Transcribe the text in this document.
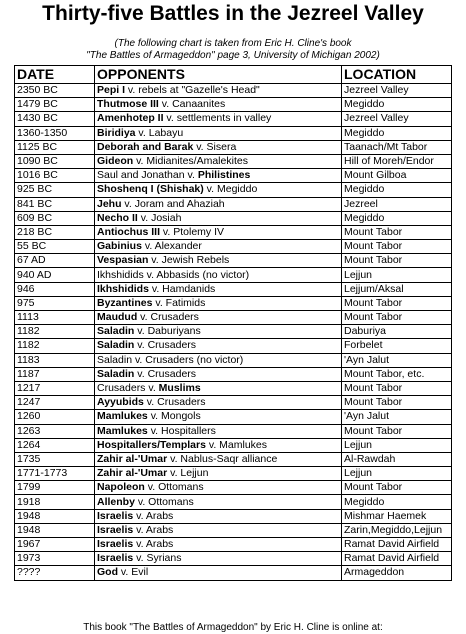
Thirty-five Battles in the Jezreel Valley
(The following chart is taken from Eric H. Cline's book
"The Battles of Armageddon" page 3, University of Michigan 2002)
DATE	OPPONENTS	LOCATION
2350 BC	Pepi I v. rebels at "Gazelle's Head"	Jezreel Valley
1479 BC	Thutmose III v. Canaanites	Megiddo
1430 BC	Amenhotep II v. settlements in valley	Jezreel Valley
1360-1350	Biridiya v. Labayu	Megiddo
1125 BC	Deborah and Barak v. Sisera	Taanach/Mt Tabor
1090 BC	Gideon v. Midianites/Amalekites	Hill of Moreh/Endor
1016 BC	Saul and Jonathan v. Philistines	Mount Gilboa
925 BC	Shoshenq I (Shishak) v. Megiddo	Megiddo
841 BC	Jehu v. Joram and Ahaziah	Jezreel
609 BC	Necho II v. Josiah	Megiddo
218 BC	Antiochus III v. Ptolemy IV	Mount Tabor
55 BC	Gabinius v. Alexander	Mount Tabor
67 AD	Vespasian v. Jewish Rebels	Mount Tabor
940 AD	Ikhshidids v. Abbasids (no victor)	Lejjun
946	Ikhshidids v. Hamdanids	Lejjum/Aksal
975	Byzantines v. Fatimids	Mount Tabor
1113	Maudud v. Crusaders	Mount Tabor
1182	Saladin v. Daburiyans	Daburiya
1182	Saladin v. Crusaders	Forbelet
1183	Saladin v. Crusaders (no victor)	'Ayn Jalut
1187	Saladin v. Crusaders	Mount Tabor, etc.
1217	Crusaders v. Muslims	Mount Tabor
1247	Ayyubids v. Crusaders	Mount Tabor
1260	Mamlukes v. Mongols	'Ayn Jalut
1263	Mamlukes v. Hospitallers	Mount Tabor
1264	Hospitallers/Templars v. Mamlukes	Lejjun
1735	Zahir al-'Umar v. Nablus-Saqr alliance	Al-Rawdah
1771-1773	Zahir al-'Umar v. Lejjun	Lejjun
1799	Napoleon v. Ottomans	Mount Tabor
1918	Allenby v. Ottomans	Megiddo
1948	Israelis v. Arabs	Mishmar Haemek
1948	Israelis v. Arabs	Zarin,Megiddo,Lejjun
1967	Israelis v. Arabs	Ramat David Airfield
1973	Israelis v. Syrians	Ramat David Airfield
????	God v. Evil	Armageddon
This book "The Battles of Armageddon" by Eric H. Cline is online at:
